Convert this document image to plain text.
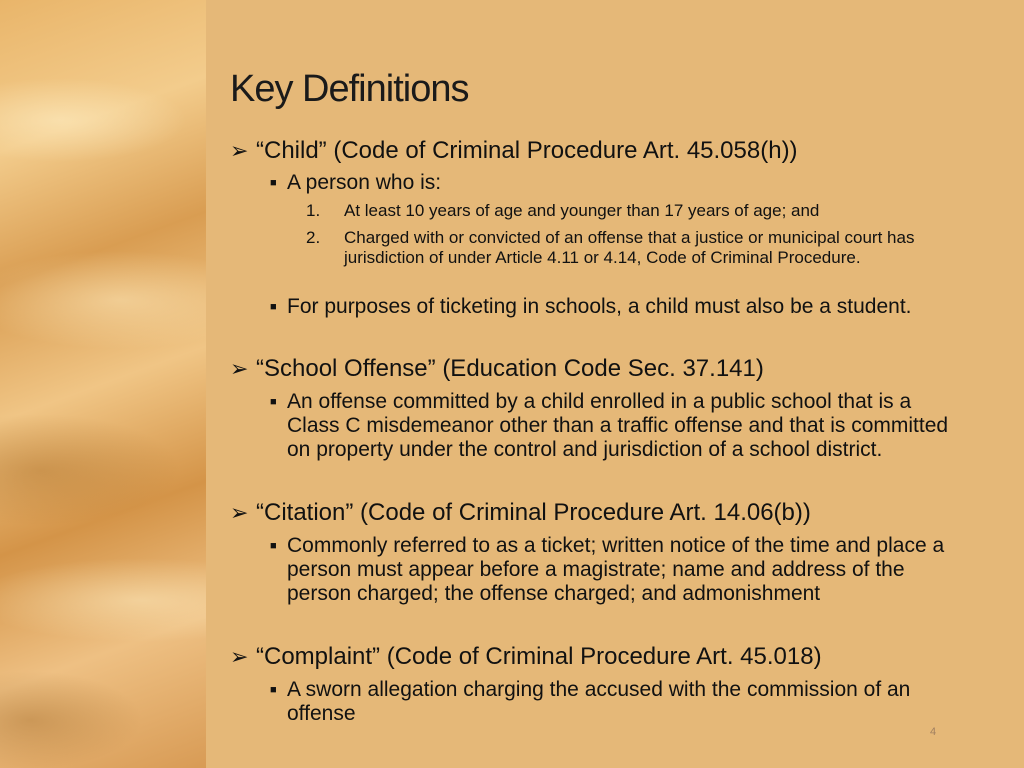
Key Definitions
➢ “Child” (Code of Criminal Procedure Art. 45.058(h))
■ A person who is:
1. At least 10 years of age and younger than 17 years of age; and
2. Charged with or convicted of an offense that a justice or municipal court has jurisdiction of under Article 4.11 or 4.14, Code of Criminal Procedure.
■ For purposes of ticketing in schools, a child must also be a student.
➢ “School Offense” (Education Code Sec. 37.141)
■ An offense committed by a child enrolled in a public school that is a Class C misdemeanor other than a traffic offense and that is committed on property under the control and jurisdiction of a school district.
➢ “Citation” (Code of Criminal Procedure Art. 14.06(b))
■ Commonly referred to as a ticket; written notice of the time and place a person must appear before a magistrate; name and address of the person charged; the offense charged; and admonishment
➢ “Complaint” (Code of Criminal Procedure Art. 45.018)
■ A sworn allegation charging the accused with the commission of an offense
4
